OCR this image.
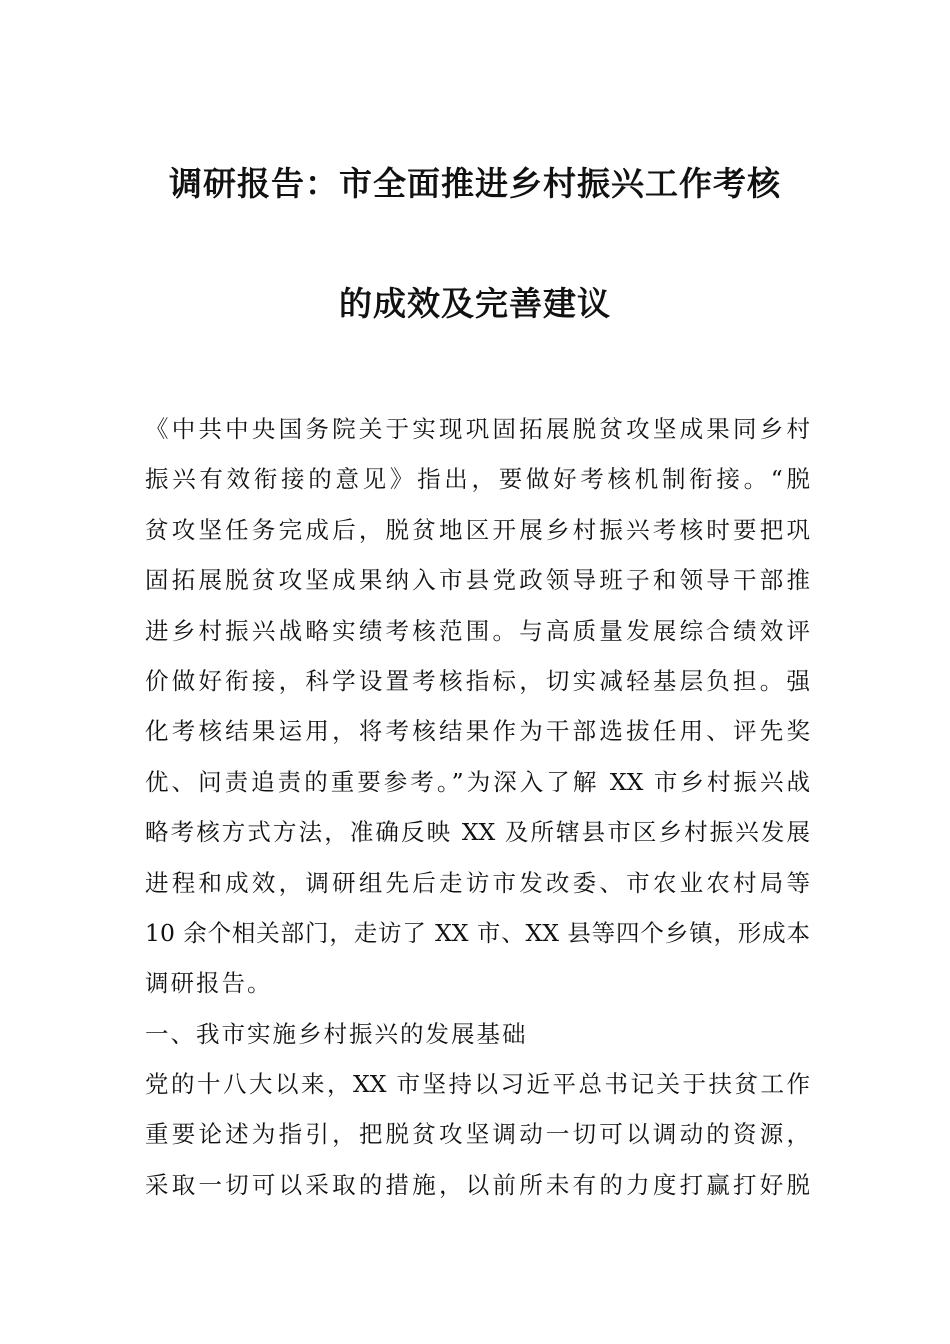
调研报告：市全面推进乡村振兴工作考核
的成效及完善建议
《中共中央国务院关于实现巩固拓展脱贫攻坚成果同乡村
振兴有效衔接的意见》指出，要做好考核机制衔接。“脱
贫攻坚任务完成后，脱贫地区开展乡村振兴考核时要把巩
固拓展脱贫攻坚成果纳入市县党政领导班子和领导干部推
进乡村振兴战略实绩考核范围。与高质量发展综合绩效评
价做好衔接，科学设置考核指标，切实减轻基层负担。强
化考核结果运用，将考核结果作为干部选拔任用、评先奖
优、问责追责的重要参考。”为深入了解 XX 市乡村振兴战
略考核方式方法，准确反映 XX 及所辖县市区乡村振兴发展
进程和成效，调研组先后走访市发改委、市农业农村局等
10 余个相关部门，走访了 XX 市、XX 县等四个乡镇，形成本
调研报告。
一、我市实施乡村振兴的发展基础
党的十八大以来，XX 市坚持以习近平总书记关于扶贫工作
重要论述为指引，把脱贫攻坚调动一切可以调动的资源，
采取一切可以采取的措施，以前所未有的力度打赢打好脱
